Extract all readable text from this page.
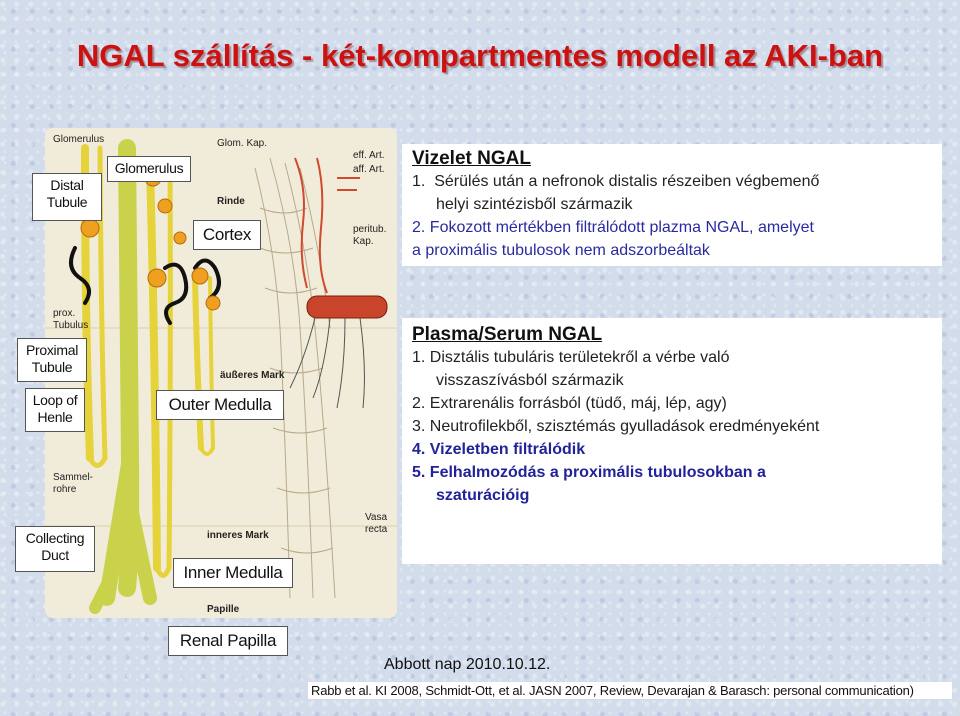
NGAL szállítás - két-kompartmentes modell az AKI-ban
Glomerulus	Glom. Kap.
Rinde
eff. Art.
aff. Art.
peritub.
Kap.
prox.
Tubulus
äußeres Mark
Sammel-
rohre
inneres Mark
Vasa
recta
Papille
Distal Tubule
Glomerulus
Cortex
Proximal Tubule
Loop of Henle
Outer Medulla
Collecting Duct
Inner Medulla
Renal Papilla
Vizelet NGAL
1. Sérülés után a nefronok distalis részeiben végbemenő
helyi szintézisből származik
2. Fokozott mértékben filtrálódott plazma NGAL, amelyet
a proximális tubulosok nem adszorbeáltak
Plasma/Serum NGAL
1. Disztális tubuláris területekről a vérbe való
visszaszívásból származik
2. Extrarenális forrásból (tüdő, máj, lép, agy)
3. Neutrofilekből, szisztémás gyulladások eredményeként
4. Vizeletben filtrálódik
5. Felhalmozódás a proximális tubulosokban a
szaturációig
Abbott nap 2010.10.12.
Rabb et al. KI 2008, Schmidt-Ott, et al. JASN 2007, Review, Devarajan & Barasch: personal communication)
